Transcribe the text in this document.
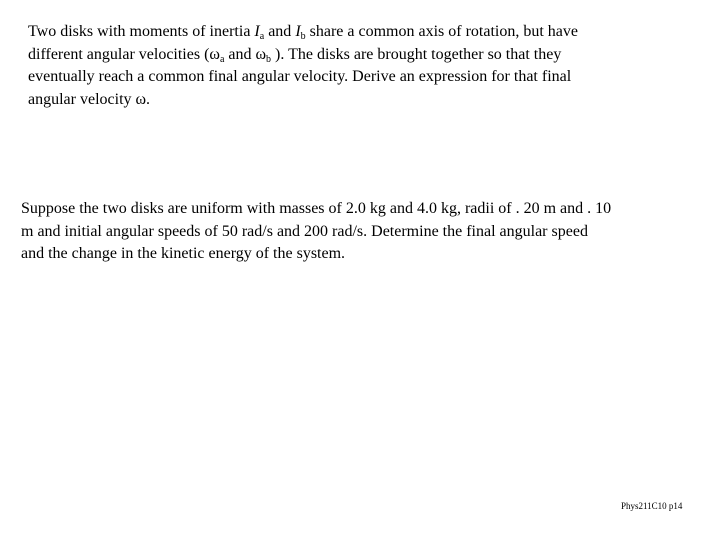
Two disks with moments of inertia $I_a$ and $I_b$ share a common axis of rotation, but have
different angular velocities ($\omega_a$ and $\omega_b$ ). The disks are brought together so that they
eventually reach a common final angular velocity. Derive an expression for that final
angular velocity ω.
Suppose the two disks are uniform with masses of 2.0 kg and 4.0 kg, radii of . 20 m and . 10
m and initial angular speeds of 50 rad/s and 200 rad/s. Determine the final angular speed
and the change in the kinetic energy of the system.
Phys211C10 p14
